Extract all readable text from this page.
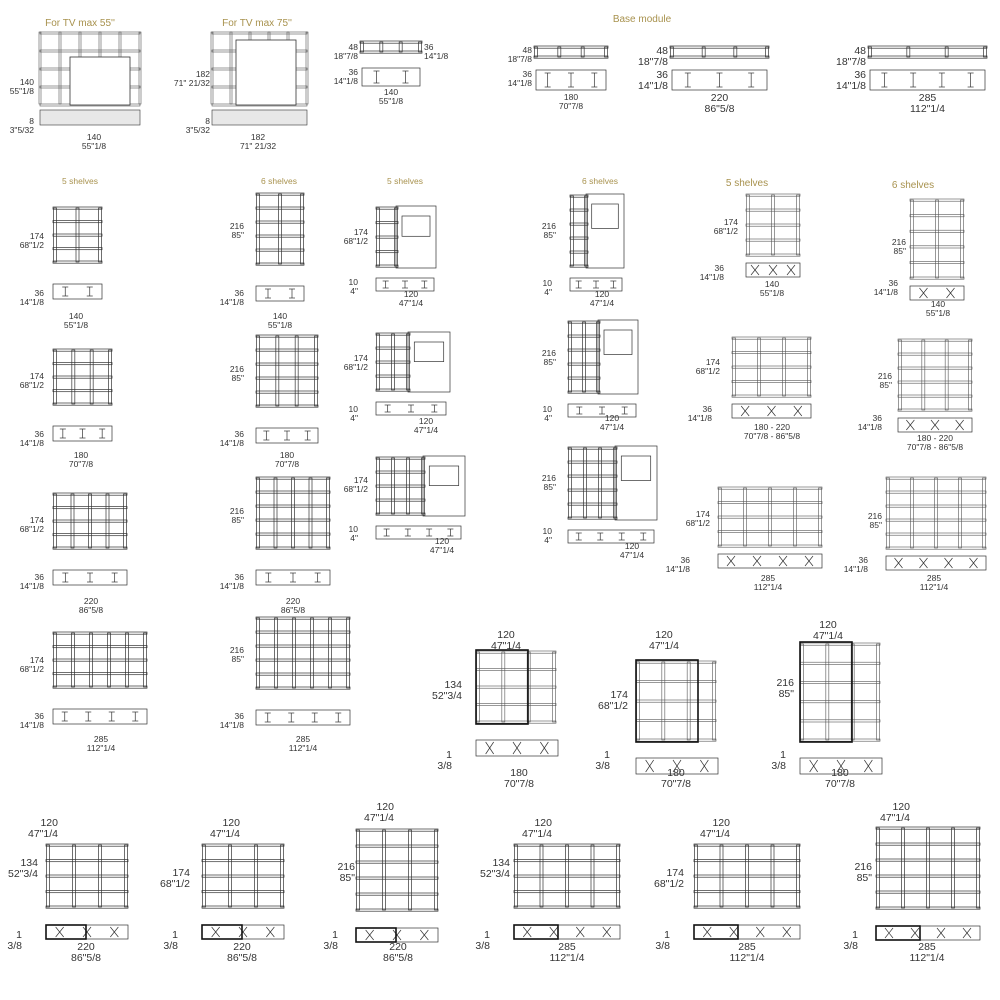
For TV max 55''	For TV max 75''	Base module
140
55"1/8
8
3"5/32
140
55"1/8
182
71" 21/32
8
3"5/32
182
71" 21/32
48
18"7/8
36
14"1/8
36
14"1/8
140
55"1/8
48
18"7/8
36
14"1/8
180
70"7/8
48
18"7/8
36
14"1/8
220
86"5/8
48
18"7/8
36
14"1/8
285
112"1/4
5 shelves	6 shelves	5 shelves	6 shelves	5 shelves	6 shelves
174
68"1/2
36
14"1/8
140
55"1/8
174
68"1/2
36
14"1/8
180
70"7/8
174
68"1/2
36
14"1/8
220
86"5/8
174
68"1/2
36
14"1/8
285
112"1/4
216
85"
36
14"1/8
140
55"1/8
216
85"
36
14"1/8
180
70"7/8
216
85"
36
14"1/8
220
86"5/8
216
85"
36
14"1/8
285
112"1/4
174
68"1/2
10
4"	120
47"1/4
174
68"1/2
10
4"	120
47"1/4
174
68"1/2
10
4"	120
47"1/4
216
85"
10
4"	120
47"1/4
216
85"
10
4"	120
47"1/4
216
85"
10
4"
120
47"1/4
174
68"1/2
36
14"1/8
140
55"1/8
174
68"1/2
36
14"1/8
180 - 220
70"7/8 - 86"5/8
174
68"1/2
36
14"1/8
285
112"1/4
216
85"
36
14"1/8
140
55"1/8
216
85"
36
14"1/8
180 - 220
70"7/8 - 86"5/8
216
85"
36
14"1/8
285
112"1/4
134
52"3/4
1
3/8
120
47"1/4
180
70"7/8
174
68"1/2
1
3/8
120
47"1/4
180
70"7/8
216
85"
1
3/8
120
47"1/4
180
70"7/8
120
47"1/4
134
52"3/4
1
3/8	220
86"5/8
120
47"1/4
174
68"1/2
1
3/8	220
86"5/8
120
47"1/4
216
85"
1
3/8	220
86"5/8
120
47"1/4
134
52"3/4
1
3/8	285
112"1/4
120
47"1/4
174
68"1/2
1
3/8	285
112"1/4
120
47"1/4
216
85"
1
3/8	285
112"1/4
